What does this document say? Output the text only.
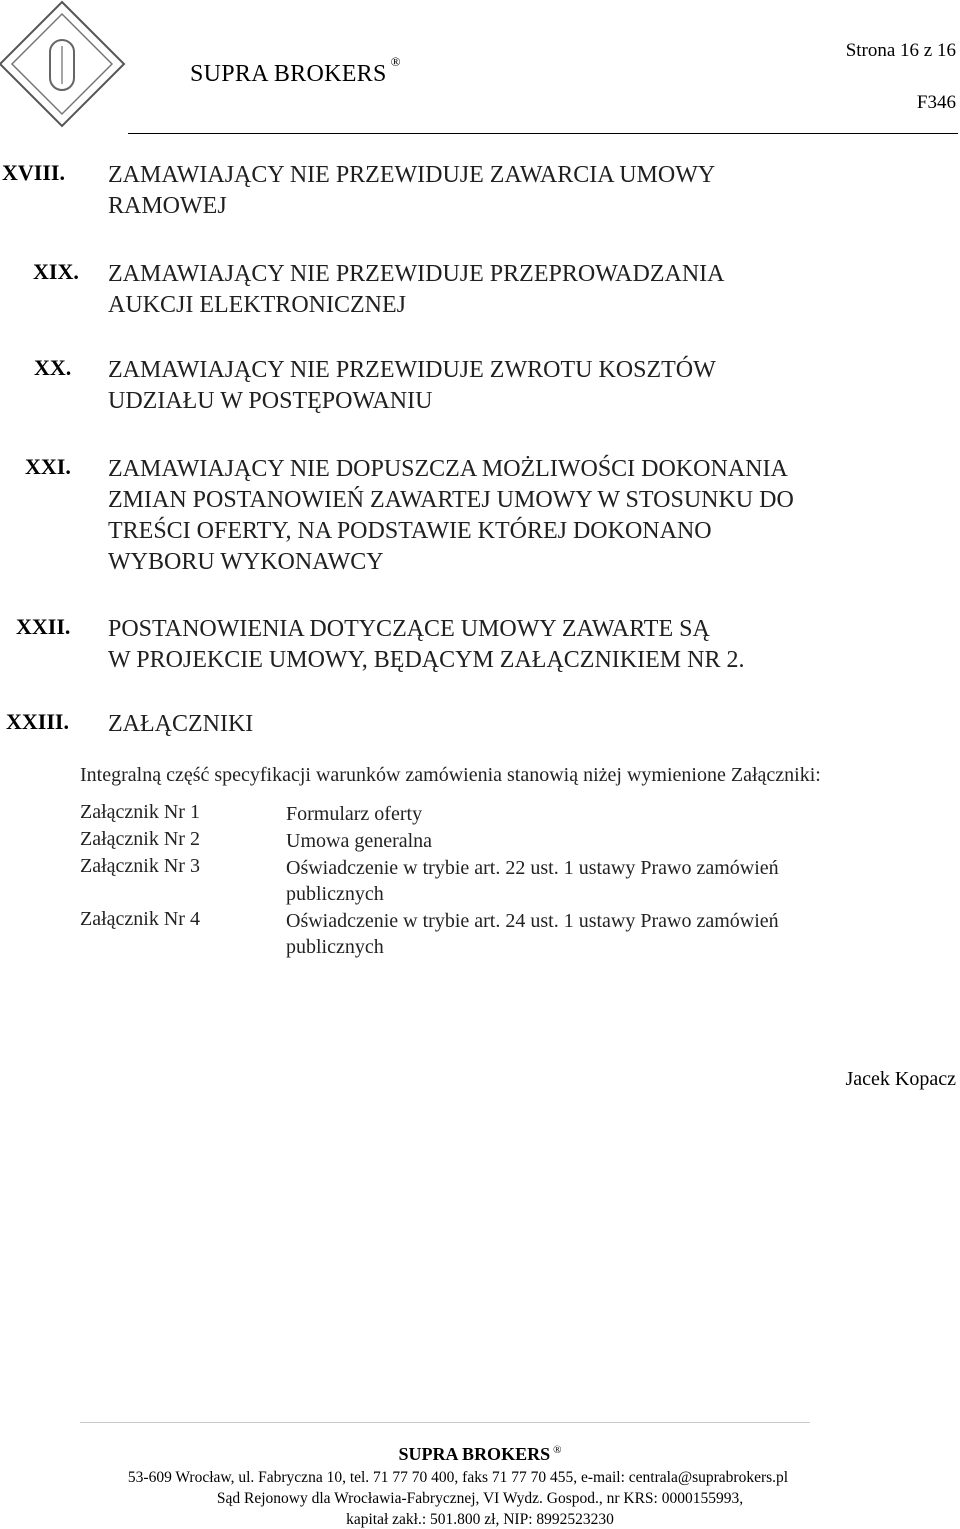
SUPRA BROKERS ®
Strona 16 z 16
F346
XVIII. ZAMAWIAJĄCY NIE PRZEWIDUJE ZAWARCIA UMOWY
RAMOWEJ
XIX. ZAMAWIAJĄCY NIE PRZEWIDUJE PRZEPROWADZANIA
AUKCJI ELEKTRONICZNEJ
XX. ZAMAWIAJĄCY NIE PRZEWIDUJE ZWROTU KOSZTÓW
UDZIAŁU W POSTĘPOWANIU
XXI. ZAMAWIAJĄCY NIE DOPUSZCZA MOŻLIWOŚCI DOKONANIA
ZMIAN POSTANOWIEŃ ZAWARTEJ UMOWY W STOSUNKU DO
TREŚCI OFERTY, NA PODSTAWIE KTÓREJ DOKONANO
WYBORU WYKONAWCY
XXII. POSTANOWIENIA DOTYCZĄCE UMOWY ZAWARTE SĄ
W PROJEKCIE UMOWY, BĘDĄCYM ZAŁĄCZNIKIEM NR 2.
XXIII. ZAŁĄCZNIKI
Integralną część specyfikacji warunków zamówienia stanowią niżej wymienione Załączniki:
Załącznik Nr 1	Formularz oferty
Załącznik Nr 2	Umowa generalna
Załącznik Nr 3	Oświadczenie w trybie art. 22 ust. 1 ustawy Prawo zamówień
publicznych
Załącznik Nr 4	Oświadczenie w trybie art. 24 ust. 1 ustawy Prawo zamówień
publicznych
Jacek Kopacz
SUPRA BROKERS ®
53-609 Wrocław, ul. Fabryczna 10, tel. 71 77 70 400, faks 71 77 70 455, e-mail: centrala@suprabrokers.pl
Sąd Rejonowy dla Wrocławia-Fabrycznej, VI Wydz. Gospod., nr KRS: 0000155993,
kapitał zakł.: 501.800 zł, NIP: 8992523230
